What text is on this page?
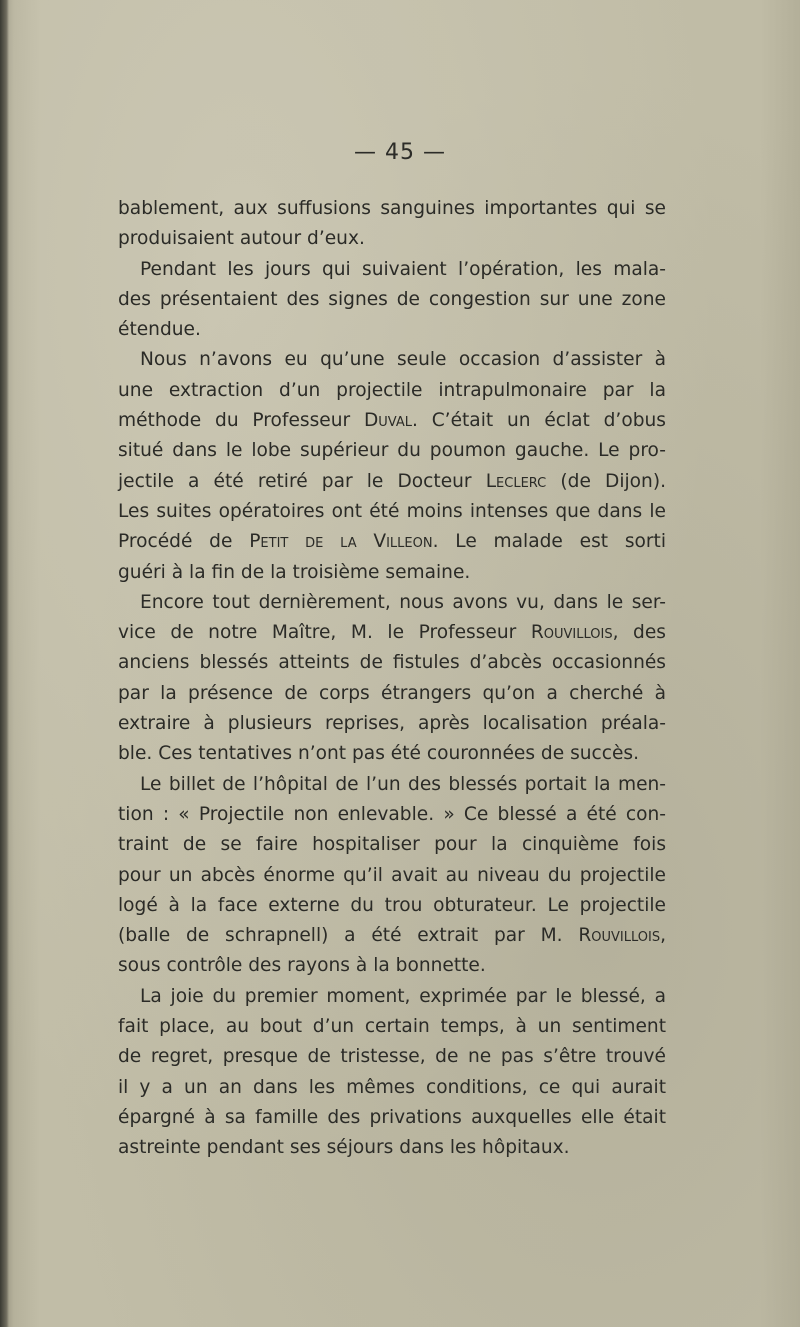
— 45 —
bablement, aux suffusions sanguines importantes qui se
produisaient autour d’eux.
Pendant les jours qui suivaient l’opération, les mala-
des présentaient des signes de congestion sur une zone
étendue.
Nous n’avons eu qu’une seule occasion d’assister à
une extraction d’un projectile intrapulmonaire par la
méthode du Professeur Duval. C’était un éclat d’obus
situé dans le lobe supérieur du poumon gauche. Le pro-
jectile a été retiré par le Docteur Leclerc (de Dijon).
Les suites opératoires ont été moins intenses que dans le
Procédé de Petit de la Villeon. Le malade est sorti
guéri à la fin de la troisième semaine.
Encore tout dernièrement, nous avons vu, dans le ser-
vice de notre Maître, M. le Professeur Rouvillois, des
anciens blessés atteints de fistules d’abcès occasionnés
par la présence de corps étrangers qu’on a cherché à
extraire à plusieurs reprises, après localisation préala-
ble. Ces tentatives n’ont pas été couronnées de succès.
Le billet de l’hôpital de l’un des blessés portait la men-
tion : « Projectile non enlevable. » Ce blessé a été con-
traint de se faire hospitaliser pour la cinquième fois
pour un abcès énorme qu’il avait au niveau du projectile
logé à la face externe du trou obturateur. Le projectile
(balle de schrapnell) a été extrait par M. Rouvillois,
sous contrôle des rayons à la bonnette.
La joie du premier moment, exprimée par le blessé, a
fait place, au bout d’un certain temps, à un sentiment
de regret, presque de tristesse, de ne pas s’être trouvé
il y a un an dans les mêmes conditions, ce qui aurait
épargné à sa famille des privations auxquelles elle était
astreinte pendant ses séjours dans les hôpitaux.
